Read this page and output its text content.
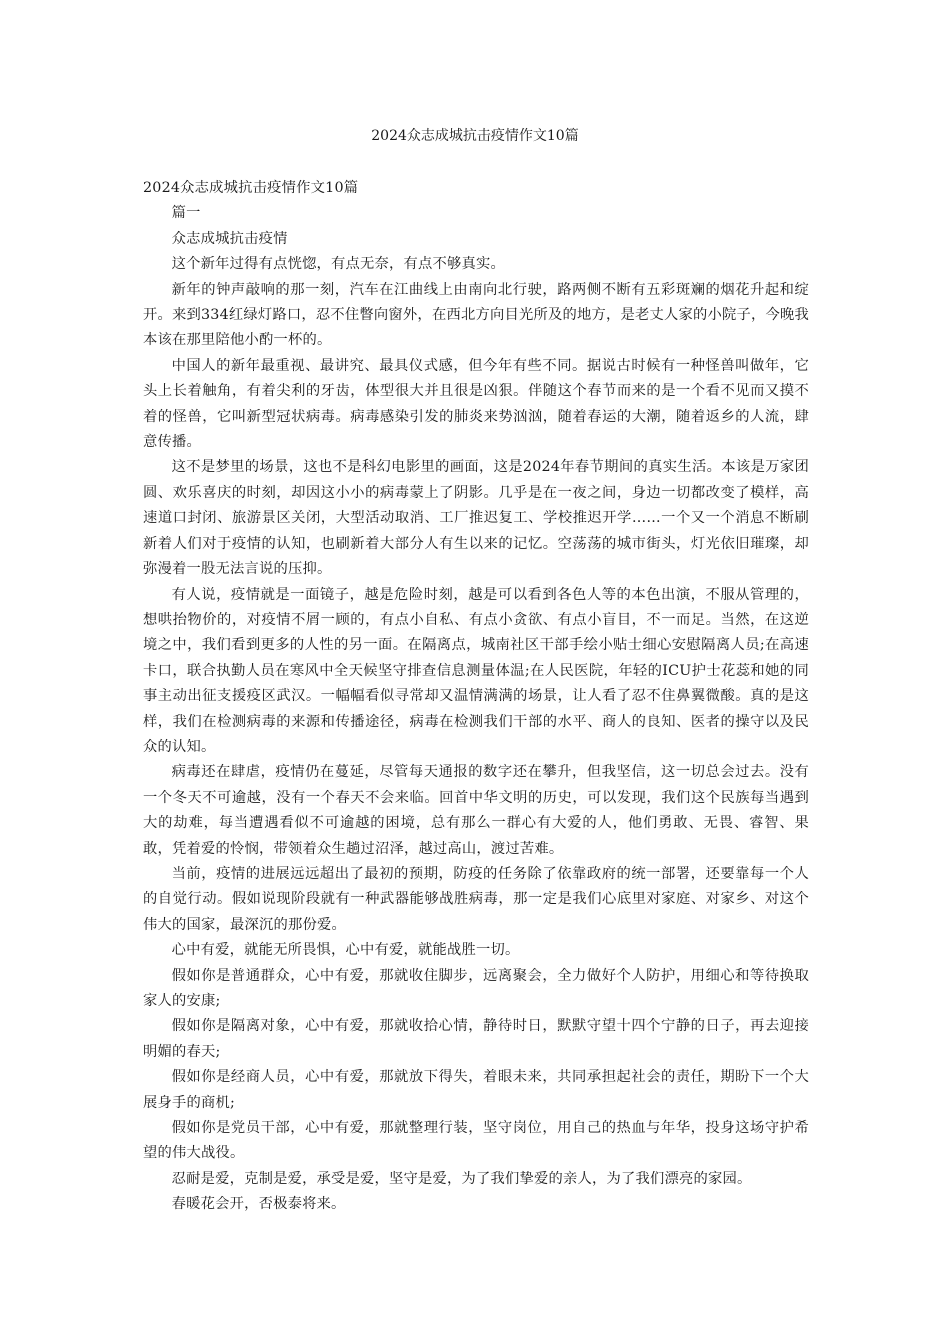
2024众志成城抗击疫情作文10篇

2024众志成城抗击疫情作文10篇

篇一

众志成城抗击疫情

这个新年过得有点恍惚，有点无奈，有点不够真实。

新年的钟声敲响的那一刻，汽车在江曲线上由南向北行驶，路两侧不断有五彩斑斓的烟花升起和绽开。来到334红绿灯路口，忍不住瞥向窗外，在西北方向目光所及的地方，是老丈人家的小院子，今晚我本该在那里陪他小酌一杯的。

中国人的新年最重视、最讲究、最具仪式感，但今年有些不同。据说古时候有一种怪兽叫做年，它头上长着触角，有着尖利的牙齿，体型很大并且很是凶狠。伴随这个春节而来的是一个看不见而又摸不着的怪兽，它叫新型冠状病毒。病毒感染引发的肺炎来势汹汹，随着春运的大潮，随着返乡的人流，肆意传播。

这不是梦里的场景，这也不是科幻电影里的画面，这是2024年春节期间的真实生活。本该是万家团圆、欢乐喜庆的时刻，却因这小小的病毒蒙上了阴影。几乎是在一夜之间，身边一切都改变了模样，高速道口封闭、旅游景区关闭，大型活动取消、工厂推迟复工、学校推迟开学……一个又一个消息不断刷新着人们对于疫情的认知，也刷新着大部分人有生以来的记忆。空荡荡的城市街头，灯光依旧璀璨，却弥漫着一股无法言说的压抑。

有人说，疫情就是一面镜子，越是危险时刻，越是可以看到各色人等的本色出演，不服从管理的，想哄抬物价的，对疫情不屑一顾的，有点小自私、有点小贪欲、有点小盲目，不一而足。当然，在这逆境之中，我们看到更多的人性的另一面。在隔离点，城南社区干部手绘小贴士细心安慰隔离人员;在高速卡口，联合执勤人员在寒风中全天候坚守排查信息测量体温;在人民医院，年轻的ICU护士花蕊和她的同事主动出征支援疫区武汉。一幅幅看似寻常却又温情满满的场景，让人看了忍不住鼻翼微酸。真的是这样，我们在检测病毒的来源和传播途径，病毒在检测我们干部的水平、商人的良知、医者的操守以及民众的认知。

病毒还在肆虐，疫情仍在蔓延，尽管每天通报的数字还在攀升，但我坚信，这一切总会过去。没有一个冬天不可逾越，没有一个春天不会来临。回首中华文明的历史，可以发现，我们这个民族每当遇到大的劫难，每当遭遇看似不可逾越的困境，总有那么一群心有大爱的人，他们勇敢、无畏、睿智、果敢，凭着爱的怜悯，带领着众生趟过沼泽，越过高山，渡过苦难。

当前，疫情的进展远远超出了最初的预期，防疫的任务除了依靠政府的统一部署，还要靠每一个人的自觉行动。假如说现阶段就有一种武器能够战胜病毒，那一定是我们心底里对家庭、对家乡、对这个伟大的国家，最深沉的那份爱。

心中有爱，就能无所畏惧，心中有爱，就能战胜一切。

假如你是普通群众，心中有爱，那就收住脚步，远离聚会，全力做好个人防护，用细心和等待换取家人的安康;

假如你是隔离对象，心中有爱，那就收拾心情，静待时日，默默守望十四个宁静的日子，再去迎接明媚的春天;

假如你是经商人员，心中有爱，那就放下得失，着眼未来，共同承担起社会的责任，期盼下一个大展身手的商机;

假如你是党员干部，心中有爱，那就整理行装，坚守岗位，用自己的热血与年华，投身这场守护希望的伟大战役。

忍耐是爱，克制是爱，承受是爱，坚守是爱，为了我们挚爱的亲人，为了我们漂亮的家园。

春暖花会开，否极泰将来。
